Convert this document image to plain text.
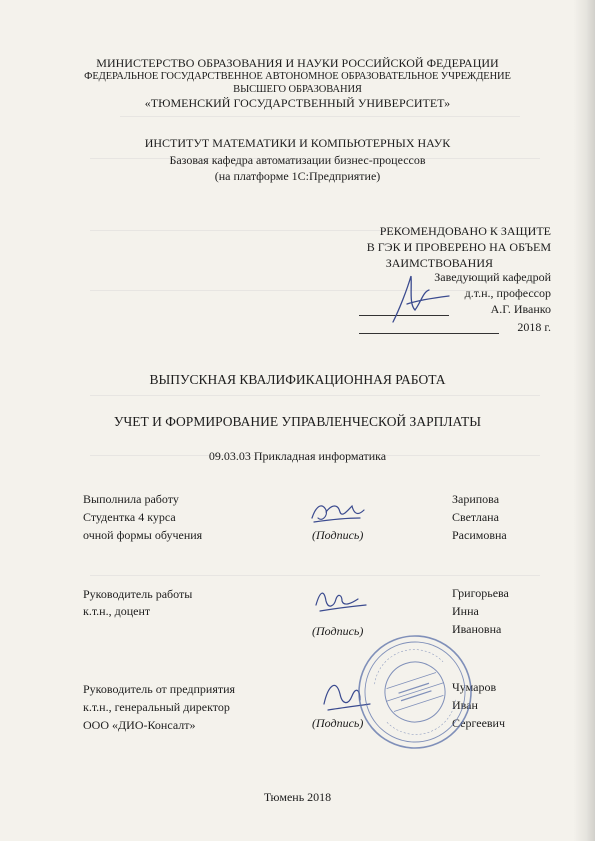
МИНИСТЕРСТВО ОБРАЗОВАНИЯ И НАУКИ РОССИЙСКОЙ ФЕДЕРАЦИИ
ФЕДЕРАЛЬНОЕ ГОСУДАРСТВЕННОЕ АВТОНОМНОЕ ОБРАЗОВАТЕЛЬНОЕ УЧРЕЖДЕНИЕ
ВЫСШЕГО ОБРАЗОВАНИЯ
«ТЮМЕНСКИЙ ГОСУДАРСТВЕННЫЙ УНИВЕРСИТЕТ»
ИНСТИТУТ МАТЕМАТИКИ И КОМПЬЮТЕРНЫХ НАУК
Базовая кафедра автоматизации бизнес-процессов
(на платформе 1С:Предприятие)
РЕКОМЕНДОВАНО К ЗАЩИТЕ
В ГЭК И ПРОВЕРЕНО НА ОБЪЕМ
ЗАИМСТВОВАНИЯ
Заведующий кафедрой
д.т.н., профессор
А.Г. Иванко
2018 г.
ВЫПУСКНАЯ КВАЛИФИКАЦИОННАЯ РАБОТА
УЧЕТ И ФОРМИРОВАНИЕ УПРАВЛЕНЧЕСКОЙ ЗАРПЛАТЫ
09.03.03 Прикладная информатика
Выполнила работу
Студентка 4 курса
очной формы обучения	(Подпись)
Зарипова
Светлана
Расимовна
Руководитель работы
к.т.н., доцент
(Подпись)
Григорьева
Инна
Ивановна
Руководитель от предприятия
к.т.н., генеральный директор
ООО «ДИО-Консалт»	(Подпись)
Чумаров
Иван
Сергеевич
Тюмень 2018
